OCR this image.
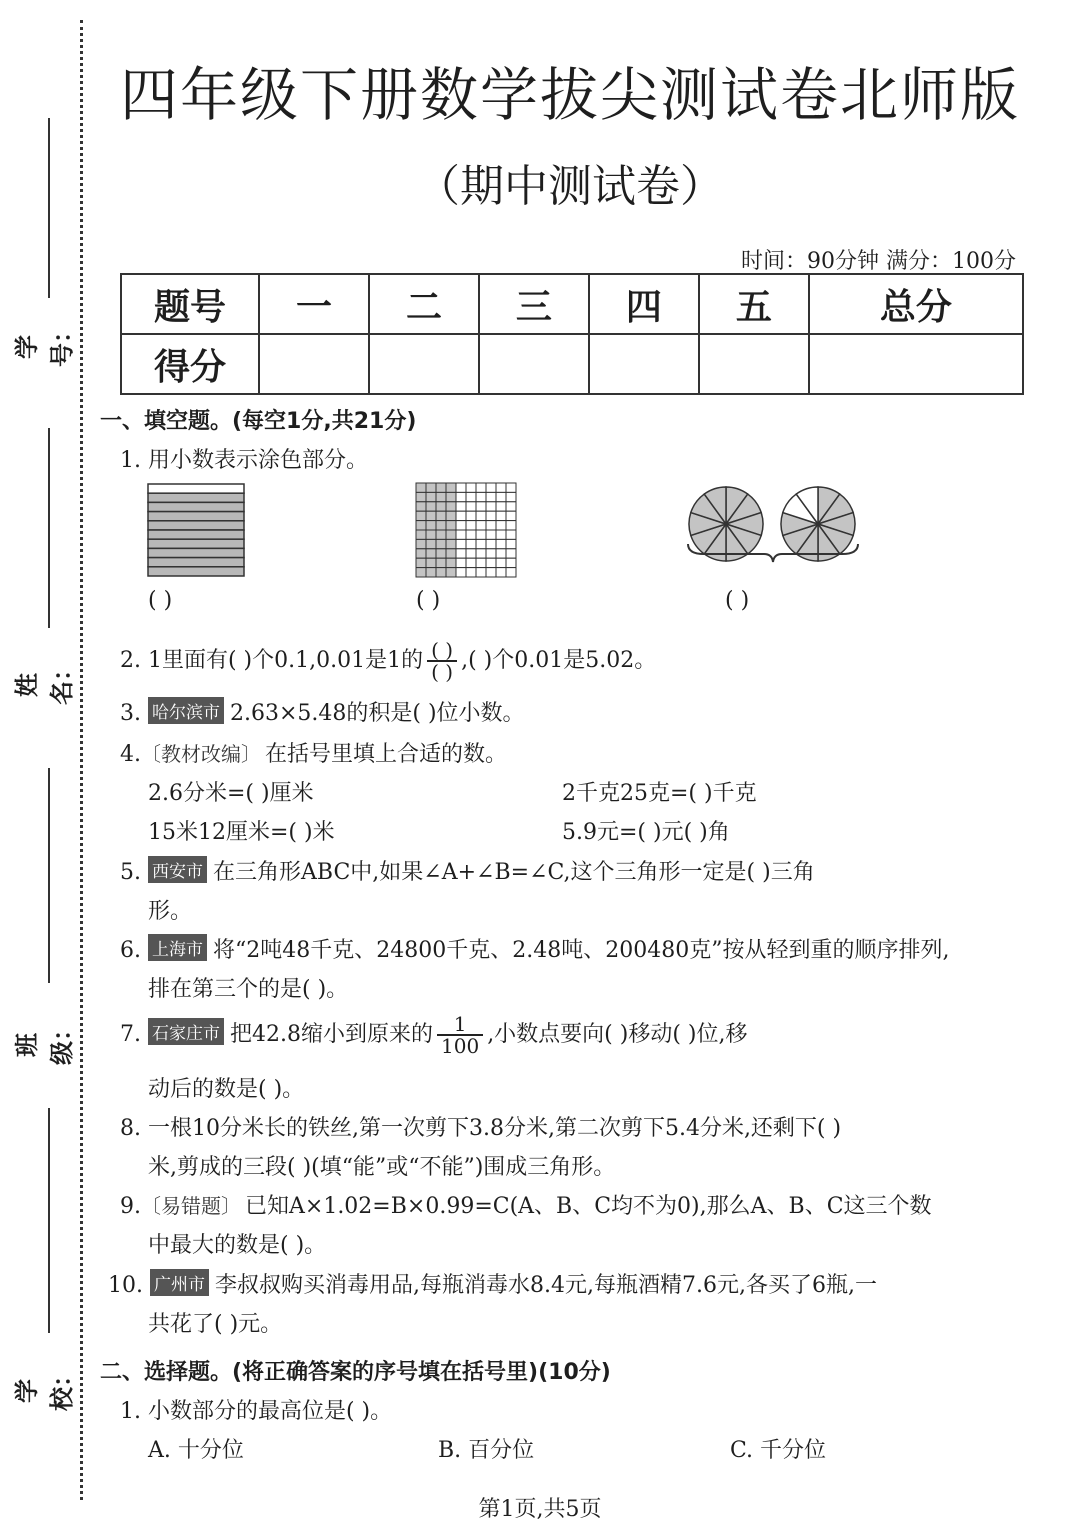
学号：
姓名：
班级：
学校：
四年级下册数学拔尖测试卷北师版
（期中测试卷）
时间：90分钟 满分：100分
题号	一	二	三	四	五	总分
得分						
一、填空题。(每空1分,共21分)
1. 用小数表示涂色部分。
( )	( )	( )
2. 1里面有( )个0.1,0.01是1的 $\frac{( )}{( )}$ ,( )个0.01是5.02。
3. 哈尔滨市 2.63×5.48的积是( )位小数。
4.〔教材改编〕 在括号里填上合适的数。
2.6分米=( )厘米	2千克25克=( )千克
15米12厘米=( )米	5.9元=( )元( )角
5. 西安市 在三角形ABC中,如果∠A+∠B=∠C,这个三角形一定是( )三角
形。
6. 上海市 将“2吨48千克、24800千克、2.48吨、200480克”按从轻到重的顺序排列,
排在第三个的是( )。
7. 石家庄市 把42.8缩小到原来的 $\frac{1}{100}$ ,小数点要向( )移动( )位,移
动后的数是( )。
8. 一根10分米长的铁丝,第一次剪下3.8分米,第二次剪下5.4分米,还剩下( )
米,剪成的三段( )(填“能”或“不能”)围成三角形。
9.〔易错题〕 已知A×1.02=B×0.99=C(A、B、C均不为0),那么A、B、C这三个数
中最大的数是( )。
10. 广州市 李叔叔购买消毒用品,每瓶消毒水8.4元,每瓶酒精7.6元,各买了6瓶,一
共花了( )元。
二、选择题。(将正确答案的序号填在括号里)(10分)
1. 小数部分的最高位是( )。
A. 十分位	B. 百分位	C. 千分位
第1页,共5页
